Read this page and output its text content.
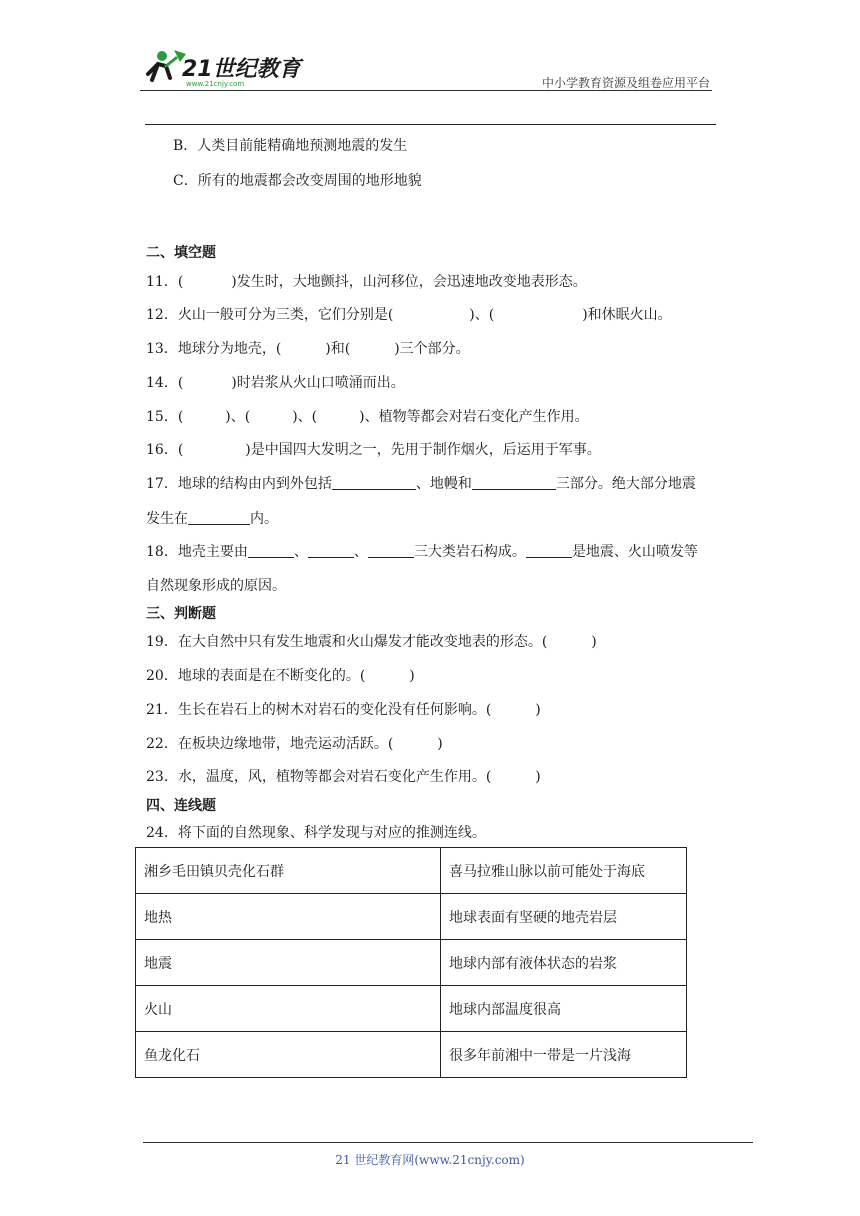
21世纪教育
www.21cnjy.com	中小学教育资源及组卷应用平台
B．人类目前能精确地预测地震的发生
C．所有的地震都会改变周围的地形地貌
二、填空题
11．(	)发生时，大地颤抖，山河移位，会迅速地改变地表形态。
12．火山一般可分为三类，它们分别是(	)、(	)和休眠火山。
13．地球分为地壳，(	)和(	)三个部分。
14．(	)时岩浆从火山口喷涌而出。
15．(	)、(	)、(	)、植物等都会对岩石变化产生作用。
16．(	)是中国四大发明之一，先用于制作烟火，后运用于军事。
17．地球的结构由内到外包括	、地幔和	三部分。绝大部分地震
发生在	内。
18．地壳主要由	、	、	三大类岩石构成。	是地震、火山喷发等
自然现象形成的原因。
三、判断题
19．在大自然中只有发生地震和火山爆发才能改变地表的形态。(	)
20．地球的表面是在不断变化的。(	)
21．生长在岩石上的树木对岩石的变化没有任何影响。(	)
22．在板块边缘地带，地壳运动活跃。(	)
23．水，温度，风，植物等都会对岩石变化产生作用。(	)
四、连线题
24．将下面的自然现象、科学发现与对应的推测连线。
湘乡毛田镇贝壳化石群	喜马拉雅山脉以前可能处于海底
地热	地球表面有坚硬的地壳岩层
地震	地球内部有液体状态的岩浆
火山	地球内部温度很高
鱼龙化石	很多年前湘中一带是一片浅海
21 世纪教育网(www.21cnjy.com)
